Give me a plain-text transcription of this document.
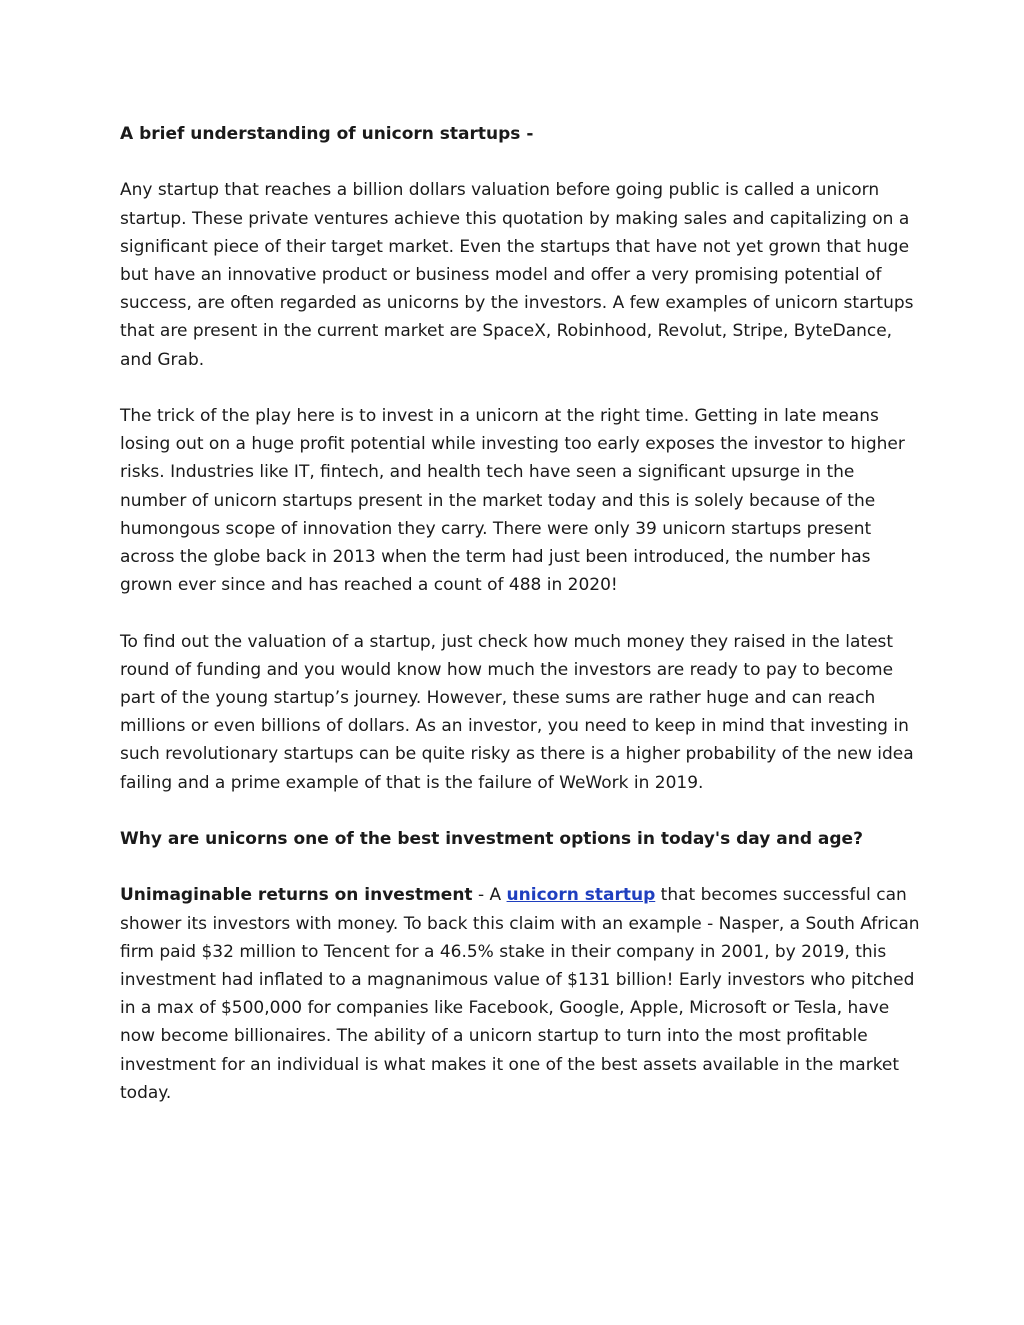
A brief understanding of unicorn startups -

Any startup that reaches a billion dollars valuation before going public is called a unicorn startup. These private ventures achieve this quotation by making sales and capitalizing on a significant piece of their target market. Even the startups that have not yet grown that huge but have an innovative product or business model and offer a very promising potential of success, are often regarded as unicorns by the investors. A few examples of unicorn startups that are present in the current market are SpaceX, Robinhood, Revolut, Stripe, ByteDance, and Grab.

The trick of the play here is to invest in a unicorn at the right time. Getting in late means losing out on a huge profit potential while investing too early exposes the investor to higher risks. Industries like IT, fintech, and health tech have seen a significant upsurge in the number of unicorn startups present in the market today and this is solely because of the humongous scope of innovation they carry. There were only 39 unicorn startups present across the globe back in 2013 when the term had just been introduced, the number has grown ever since and has reached a count of 488 in 2020!

To find out the valuation of a startup, just check how much money they raised in the latest round of funding and you would know how much the investors are ready to pay to become part of the young startup’s journey. However, these sums are rather huge and can reach millions or even billions of dollars. As an investor, you need to keep in mind that investing in such revolutionary startups can be quite risky as there is a higher probability of the new idea failing and a prime example of that is the failure of WeWork in 2019.

Why are unicorns one of the best investment options in today's day and age?

Unimaginable returns on investment - A unicorn startup that becomes successful can shower its investors with money. To back this claim with an example - Nasper, a South African firm paid $32 million to Tencent for a 46.5% stake in their company in 2001, by 2019, this investment had inflated to a magnanimous value of $131 billion! Early investors who pitched in a max of $500,000 for companies like Facebook, Google, Apple, Microsoft or Tesla, have now become billionaires. The ability of a unicorn startup to turn into the most profitable investment for an individual is what makes it one of the best assets available in the market today.
